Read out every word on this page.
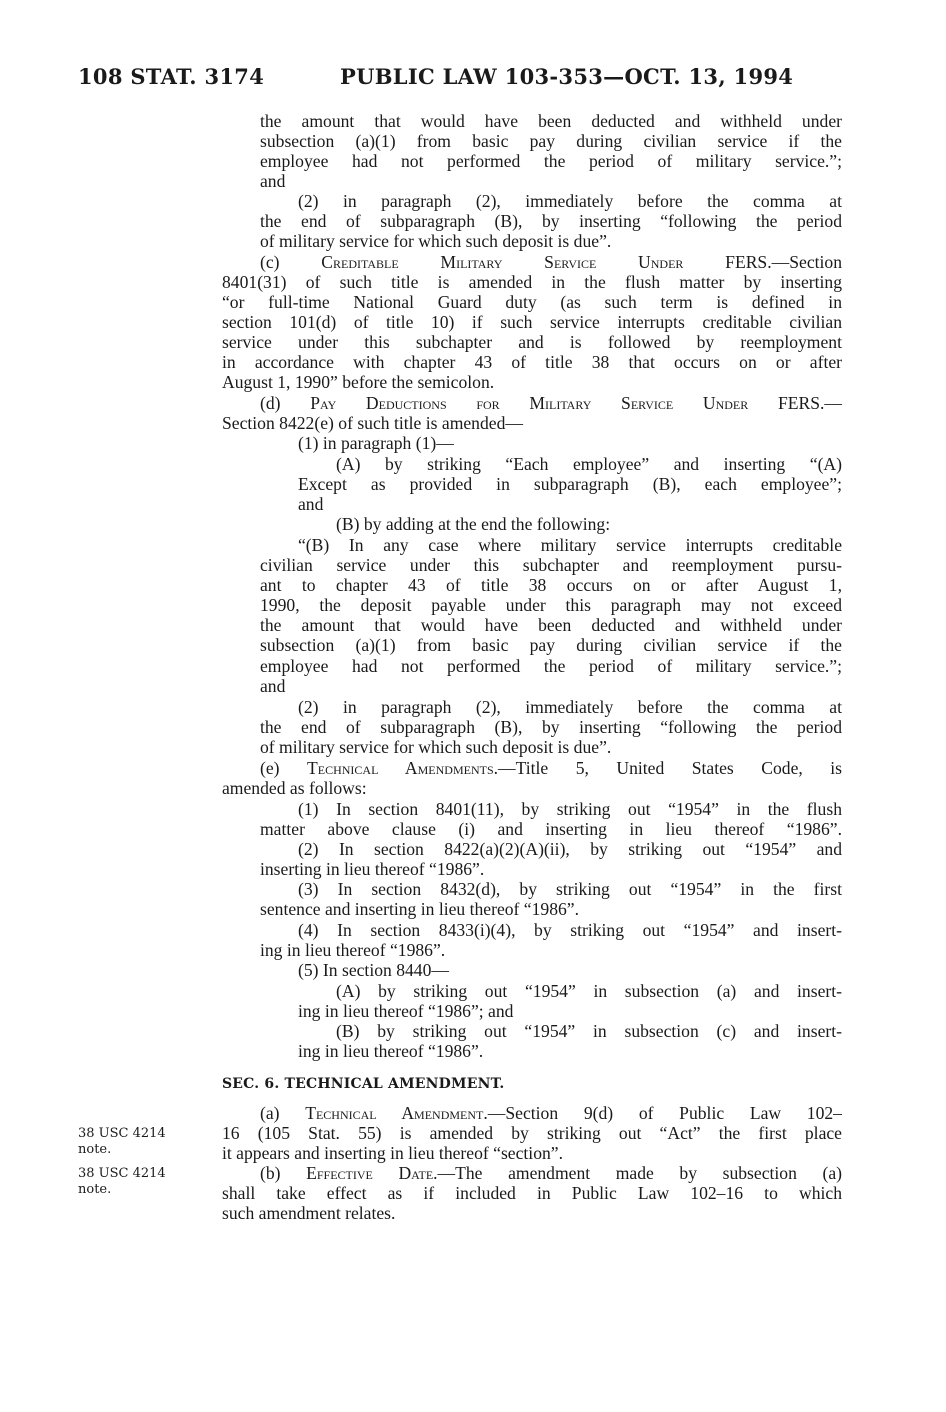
108 STAT. 3174	PUBLIC LAW 103-353—OCT. 13, 1994
the amount that would have been deducted and withheld under
subsection (a)(1) from basic pay during civilian service if the
employee had not performed the period of military service.”;
and
(2) in paragraph (2), immediately before the comma at
the end of subparagraph (B), by inserting “following the period
of military service for which such deposit is due”.
(c) Creditable Military Service Under FERS.—Section
8401(31) of such title is amended in the flush matter by inserting
“or full-time National Guard duty (as such term is defined in
section 101(d) of title 10) if such service interrupts creditable civilian
service under this subchapter and is followed by reemployment
in accordance with chapter 43 of title 38 that occurs on or after
August 1, 1990” before the semicolon.
(d) Pay Deductions for Military Service Under FERS.—
Section 8422(e) of such title is amended—
(1) in paragraph (1)—
(A) by striking “Each employee” and inserting “(A)
Except as provided in subparagraph (B), each employee”;
and
(B) by adding at the end the following:
“(B) In any case where military service interrupts creditable
civilian service under this subchapter and reemployment pursu-
ant to chapter 43 of title 38 occurs on or after August 1,
1990, the deposit payable under this paragraph may not exceed
the amount that would have been deducted and withheld under
subsection (a)(1) from basic pay during civilian service if the
employee had not performed the period of military service.”;
and
(2) in paragraph (2), immediately before the comma at
the end of subparagraph (B), by inserting “following the period
of military service for which such deposit is due”.
(e) Technical Amendments.—Title 5, United States Code, is
amended as follows:
(1) In section 8401(11), by striking out “1954” in the flush
matter above clause (i) and inserting in lieu thereof “1986”.
(2) In section 8422(a)(2)(A)(ii), by striking out “1954” and
inserting in lieu thereof “1986”.
(3) In section 8432(d), by striking out “1954” in the first
sentence and inserting in lieu thereof “1986”.
(4) In section 8433(i)(4), by striking out “1954” and insert-
ing in lieu thereof “1986”.
(5) In section 8440—
(A) by striking out “1954” in subsection (a) and insert-
ing in lieu thereof “1986”; and
(B) by striking out “1954” in subsection (c) and insert-
ing in lieu thereof “1986”.
SEC. 6. TECHNICAL AMENDMENT.
(a) Technical Amendment.—Section 9(d) of Public Law 102–
16 (105 Stat. 55) is amended by striking out “Act” the first place
it appears and inserting in lieu thereof “section”.
(b) Effective Date.—The amendment made by subsection (a)
shall take effect as if included in Public Law 102–16 to which
such amendment relates.
38 USC 4214
note.
38 USC 4214
note.
